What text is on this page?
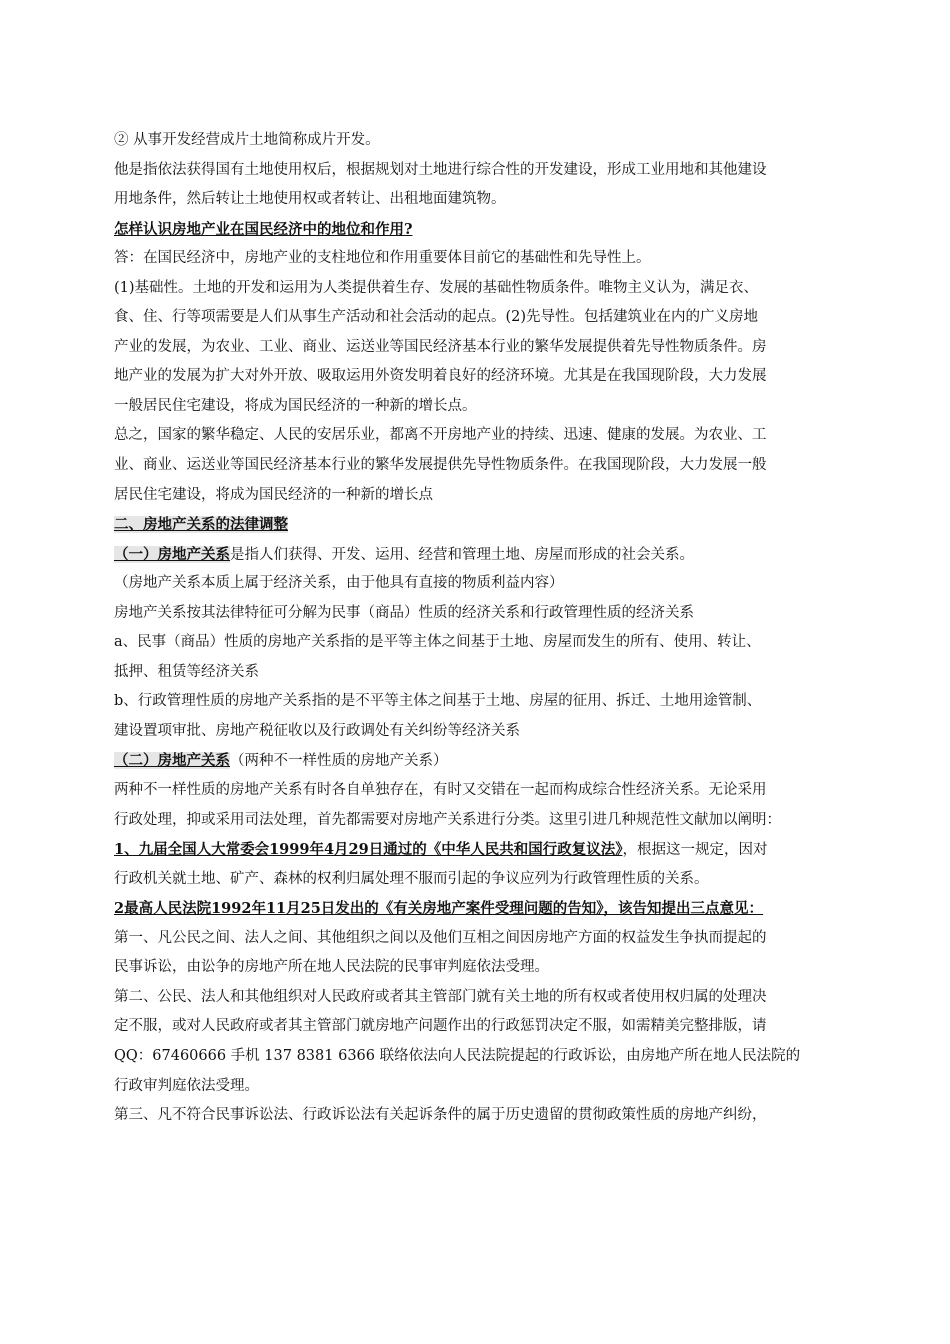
② 从事开发经营成片土地简称成片开发。
他是指依法获得国有土地使用权后，根据规划对土地进行综合性的开发建设，形成工业用地和其他建设
用地条件，然后转让土地使用权或者转让、出租地面建筑物。
怎样认识房地产业在国民经济中的地位和作用?
答：在国民经济中，房地产业的支柱地位和作用重要体目前它的基础性和先导性上。
(1)基础性。土地的开发和运用为人类提供着生存、发展的基础性物质条件。唯物主义认为，满足衣、
食、住、行等项需要是人们从事生产活动和社会活动的起点。(2)先导性。包括建筑业在内的广义房地
产业的发展，为农业、工业、商业、运送业等国民经济基本行业的繁华发展提供着先导性物质条件。房
地产业的发展为扩大对外开放、吸取运用外资发明着良好的经济环境。尤其是在我国现阶段，大力发展
一般居民住宅建设，将成为国民经济的一种新的增长点。
总之，国家的繁华稳定、人民的安居乐业，都离不开房地产业的持续、迅速、健康的发展。为农业、工
业、商业、运送业等国民经济基本行业的繁华发展提供先导性物质条件。在我国现阶段，大力发展一般
居民住宅建设，将成为国民经济的一种新的增长点
二、房地产关系的法律调整
（一）房地产关系是指人们获得、开发、运用、经营和管理土地、房屋而形成的社会关系。
（房地产关系本质上属于经济关系，由于他具有直接的物质利益内容）
房地产关系按其法律特征可分解为民事（商品）性质的经济关系和行政管理性质的经济关系
a、民事（商品）性质的房地产关系指的是平等主体之间基于土地、房屋而发生的所有、使用、转让、
抵押、租赁等经济关系
b、行政管理性质的房地产关系指的是不平等主体之间基于土地、房屋的征用、拆迁、土地用途管制、
建设置项审批、房地产税征收以及行政调处有关纠纷等经济关系
（二）房地产关系（两种不一样性质的房地产关系）
两种不一样性质的房地产关系有时各自单独存在，有时又交错在一起而构成综合性经济关系。无论采用
行政处理，抑或采用司法处理，首先都需要对房地产关系进行分类。这里引进几种规范性文献加以阐明：
1、九届全国人大常委会1999年4月29日通过的《中华人民共和国行政复议法》，根据这一规定，因对
行政机关就土地、矿产、森林的权利归属处理不服而引起的争议应列为行政管理性质的关系。
2最高人民法院1992年11月25日发出的《有关房地产案件受理问题的告知》，该告知提出三点意见：
第一、凡公民之间、法人之间、其他组织之间以及他们互相之间因房地产方面的权益发生争执而提起的
民事诉讼，由讼争的房地产所在地人民法院的民事审判庭依法受理。
第二、公民、法人和其他组织对人民政府或者其主管部门就有关土地的所有权或者使用权归属的处理决
定不服，或对人民政府或者其主管部门就房地产问题作出的行政惩罚决定不服，如需精美完整排版，请
QQ：67460666 手机 137 8381 6366 联络依法向人民法院提起的行政诉讼，由房地产所在地人民法院的
行政审判庭依法受理。
第三、凡不符合民事诉讼法、行政诉讼法有关起诉条件的属于历史遗留的贯彻政策性质的房地产纠纷，
